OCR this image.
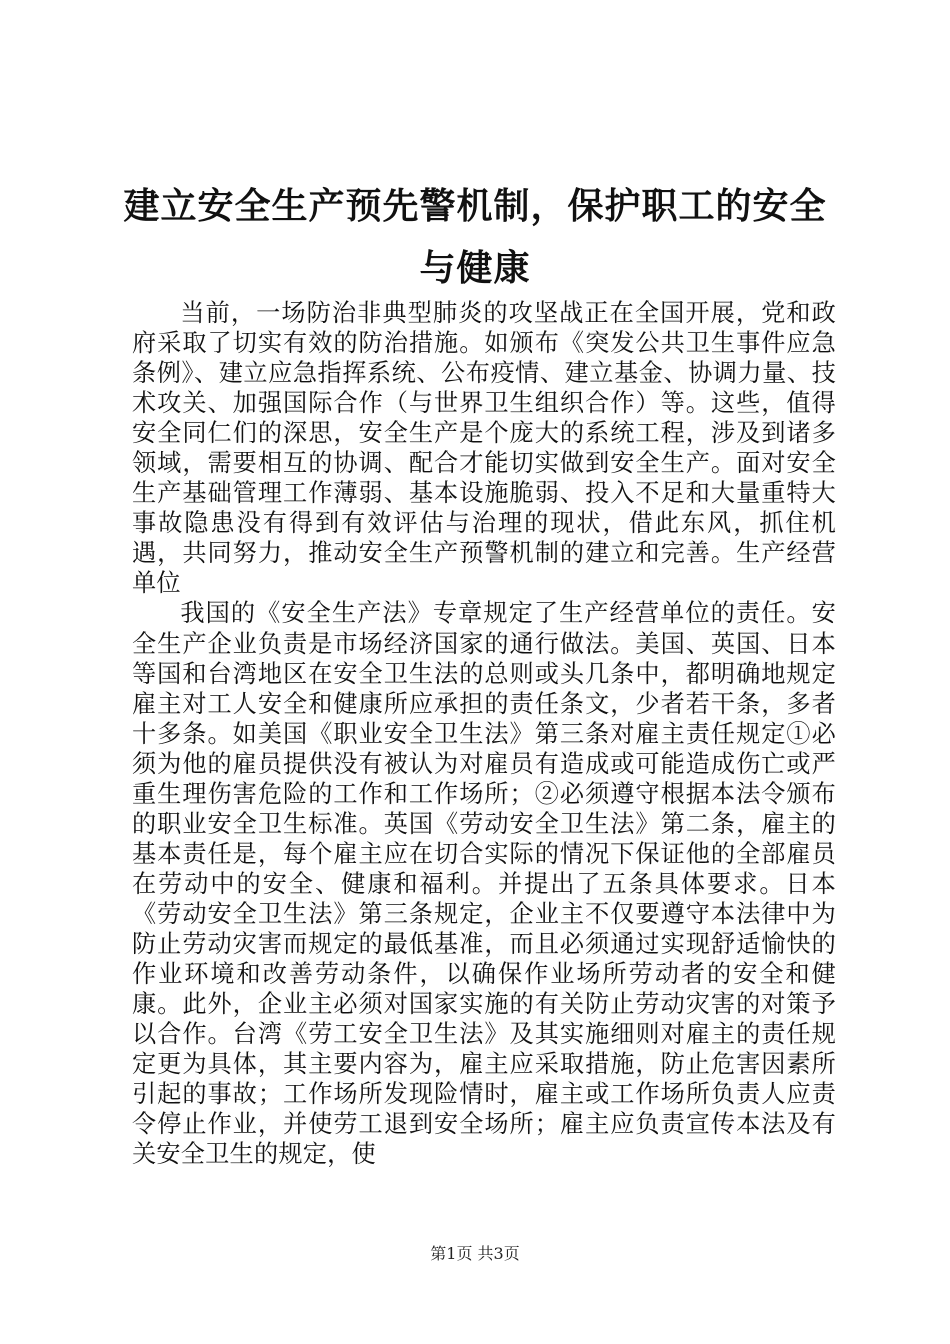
建立安全生产预先警机制，保护职工的安全与健康

当前，一场防治非典型肺炎的攻坚战正在全国开展，党和政府采取了切实有效的防治措施。如颁布《突发公共卫生事件应急条例》、建立应急指挥系统、公布疫情、建立基金、协调力量、技术攻关、加强国际合作（与世界卫生组织合作）等。这些，值得安全同仁们的深思，安全生产是个庞大的系统工程，涉及到诸多领域，需要相互的协调、配合才能切实做到安全生产。面对安全生产基础管理工作薄弱、基本设施脆弱、投入不足和大量重特大事故隐患没有得到有效评估与治理的现状，借此东风，抓住机遇，共同努力，推动安全生产预警机制的建立和完善。生产经营单位

我国的《安全生产法》专章规定了生产经营单位的责任。安全生产企业负责是市场经济国家的通行做法。美国、英国、日本等国和台湾地区在安全卫生法的总则或头几条中，都明确地规定雇主对工人安全和健康所应承担的责任条文，少者若干条，多者十多条。如美国《职业安全卫生法》第三条对雇主责任规定①必须为他的雇员提供没有被认为对雇员有造成或可能造成伤亡或严重生理伤害危险的工作和工作场所；②必须遵守根据本法令颁布的职业安全卫生标准。英国《劳动安全卫生法》第二条，雇主的基本责任是，每个雇主应在切合实际的情况下保证他的全部雇员在劳动中的安全、健康和福利。并提出了五条具体要求。日本《劳动安全卫生法》第三条规定，企业主不仅要遵守本法律中为防止劳动灾害而规定的最低基准，而且必须通过实现舒适愉快的作业环境和改善劳动条件，以确保作业场所劳动者的安全和健康。此外，企业主必须对国家实施的有关防止劳动灾害的对策予以合作。台湾《劳工安全卫生法》及其实施细则对雇主的责任规定更为具体，其主要内容为，雇主应采取措施，防止危害因素所引起的事故；工作场所发现险情时，雇主或工作场所负责人应责令停止作业，并使劳工退到安全场所；雇主应负责宣传本法及有关安全卫生的规定，使

第1页 共3页
